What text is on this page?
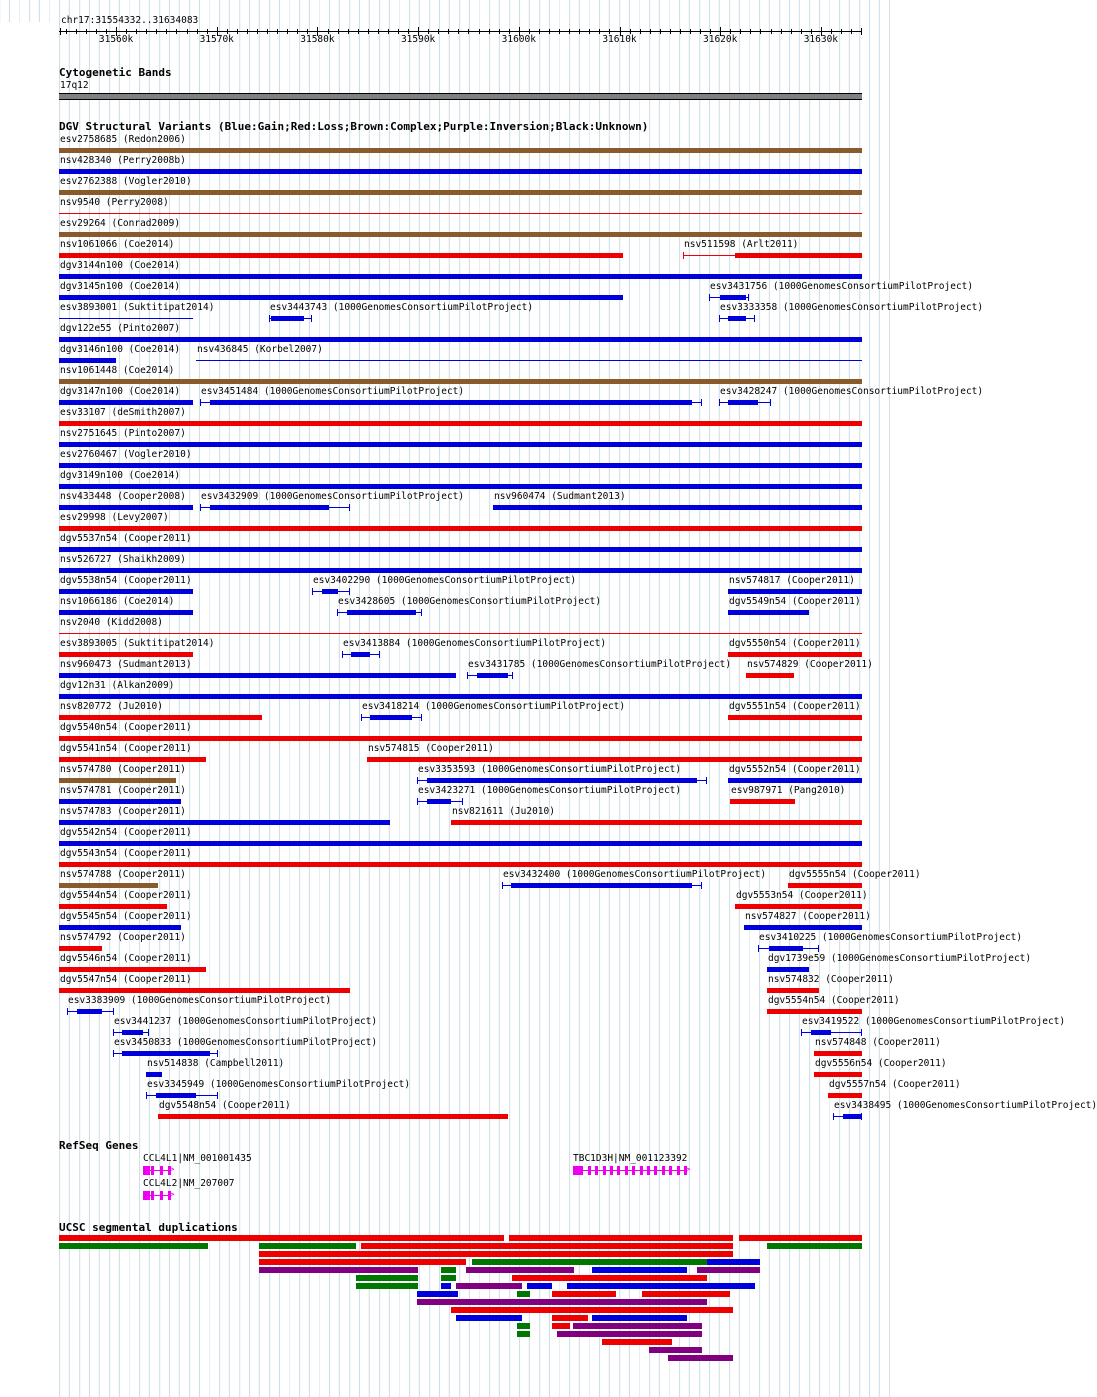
chr17:31554332..31634083
Cytogenetic Bands
17q12
DGV Structural Variants (Blue:Gain;Red:Loss;Brown:Complex;Purple:Inversion;Black:Unknown)
RefSeq Genes
UCSC segmental duplications
31560k	31570k	31580k	31590k	31600k	31610k	31620k	31630k
esv2758685 (Redon2006)
nsv428340 (Perry2008b)
esv2762388 (Vogler2010)
nsv9540 (Perry2008)
esv29264 (Conrad2009)
nsv1061066 (Coe2014)	nsv511598 (Arlt2011)
dgv3144n100 (Coe2014)
dgv3145n100 (Coe2014)	esv3431756 (1000GenomesConsortiumPilotProject)
esv3893001 (Suktitipat2014)	esv3443743 (1000GenomesConsortiumPilotProject)	esv3333358 (1000GenomesConsortiumPilotProject)
dgv122e55 (Pinto2007)
dgv3146n100 (Coe2014) nsv436845 (Korbel2007)
nsv1061448 (Coe2014)
dgv3147n100 (Coe2014) esv3451484 (1000GenomesConsortiumPilotProject)	esv3428247 (1000GenomesConsortiumPilotProject)
esv33107 (deSmith2007)
nsv2751645 (Pinto2007)
esv2760467 (Vogler2010)
dgv3149n100 (Coe2014)
nsv433448 (Cooper2008) esv3432909 (1000GenomesConsortiumPilotProject)	nsv960474 (Sudmant2013)
esv29998 (Levy2007)
dgv5537n54 (Cooper2011)
nsv526727 (Shaikh2009)
dgv5538n54 (Cooper2011)	esv3402290 (1000GenomesConsortiumPilotProject)	nsv574817 (Cooper2011)
nsv1066186 (Coe2014)	esv3428605 (1000GenomesConsortiumPilotProject)	dgv5549n54 (Cooper2011)
nsv2040 (Kidd2008)
esv3893005 (Suktitipat2014)	esv3413884 (1000GenomesConsortiumPilotProject)	dgv5550n54 (Cooper2011)
nsv960473 (Sudmant2013)	esv3431785 (1000GenomesConsortiumPilotProject) nsv574829 (Cooper2011)
dgv12n31 (Alkan2009)
nsv820772 (Ju2010)	esv3418214 (1000GenomesConsortiumPilotProject)	dgv5551n54 (Cooper2011)
dgv5540n54 (Cooper2011)
dgv5541n54 (Cooper2011)	nsv574815 (Cooper2011)
nsv574780 (Cooper2011)	esv3353593 (1000GenomesConsortiumPilotProject)	dgv5552n54 (Cooper2011)
nsv574781 (Cooper2011)	esv3423271 (1000GenomesConsortiumPilotProject)	esv987971 (Pang2010)
nsv574783 (Cooper2011)	nsv821611 (Ju2010)
dgv5542n54 (Cooper2011)
dgv5543n54 (Cooper2011)
nsv574788 (Cooper2011)	esv3432400 (1000GenomesConsortiumPilotProject) dgv5555n54 (Cooper2011)
dgv5544n54 (Cooper2011)	dgv5553n54 (Cooper2011)
dgv5545n54 (Cooper2011)	nsv574827 (Cooper2011)
nsv574792 (Cooper2011)	esv3410225 (1000GenomesConsortiumPilotProject)
dgv5546n54 (Cooper2011)	dgv1739e59 (1000GenomesConsortiumPilotProject)
dgv5547n54 (Cooper2011)	nsv574832 (Cooper2011)
esv3383909 (1000GenomesConsortiumPilotProject)	dgv5554n54 (Cooper2011)
esv3441237 (1000GenomesConsortiumPilotProject)	esv3419522 (1000GenomesConsortiumPilotProject)
esv3450833 (1000GenomesConsortiumPilotProject)	nsv574848 (Cooper2011)
nsv514838 (Campbell2011)	dgv5556n54 (Cooper2011)
esv3345949 (1000GenomesConsortiumPilotProject)	dgv5557n54 (Cooper2011)
dgv5548n54 (Cooper2011)	esv3438495 (1000GenomesConsortiumPilotProject)
CCL4L1|NM_001001435
>
CCL4L2|NM_207007
>
TBC1D3H|NM_001123392
>
